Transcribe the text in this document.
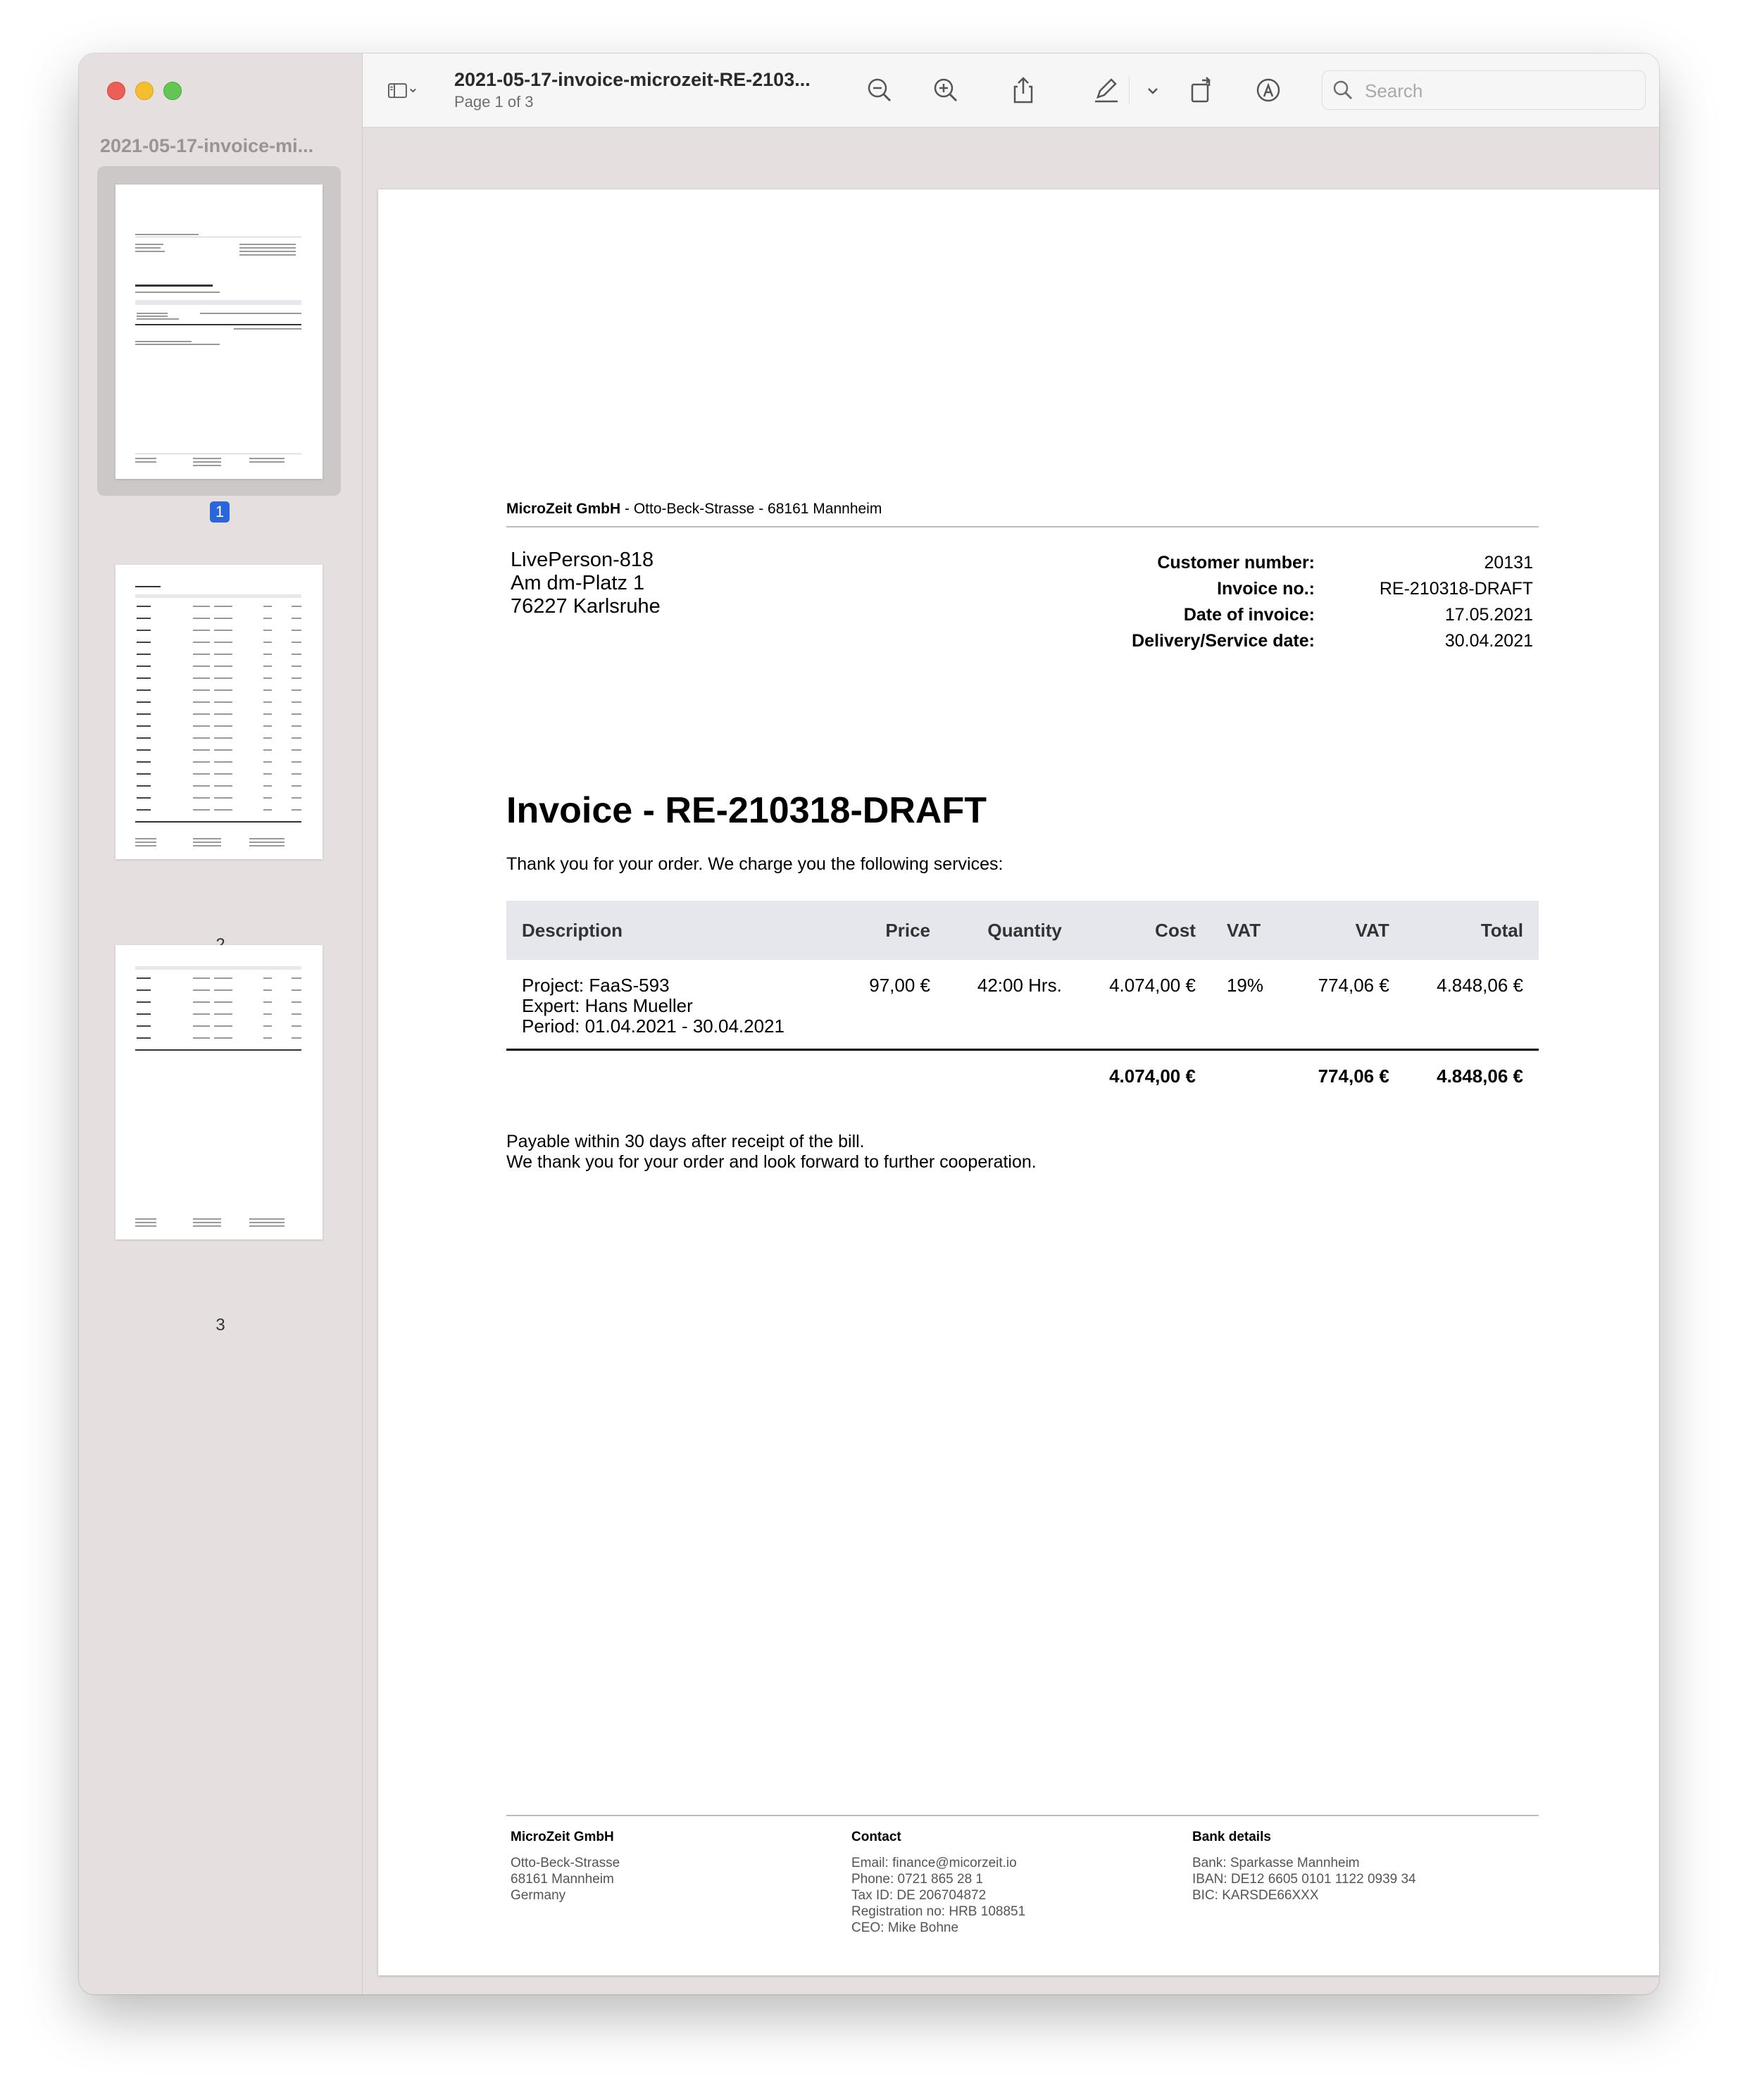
2021-05-17-invoice-mi...
1
3
2021-05-17-invoice-microzeit-RE-2103...
Page 1 of 3
Search
MicroZeit GmbH - Otto-Beck-Strasse - 68161 Mannheim
LivePerson-818
Am dm-Platz 1
76227 Karlsruhe
Customer number:	20131
Invoice no.:	RE-210318-DRAFT
Date of invoice:	17.05.2021
Delivery/Service date:	30.04.2021
Invoice - RE-210318-DRAFT
Thank you for your order. We charge you the following services:
Description	Price	Quantity	Cost	VAT	VAT	Total

Project: FaaS-593
Expert: Hans Mueller
Period: 01.04.2021 - 30.04.2021	97,00 €	42:00 Hrs.	4.074,00 €	19%	774,06 €	4.848,06 €
			4.074,00 €		774,06 €	4.848,06 €
Payable within 30 days after receipt of the bill.
We thank you for your order and look forward to further cooperation.
MicroZeit GmbH
Otto-Beck-Strasse
68161 Mannheim
Germany
Contact
Email: finance@micorzeit.io
Phone: 0721 865 28 1
Tax ID: DE 206704872
Registration no: HRB 108851
CEO: Mike Bohne
Bank details
Bank: Sparkasse Mannheim
IBAN: DE12 6605 0101 1122 0939 34
BIC: KARSDE66XXX
